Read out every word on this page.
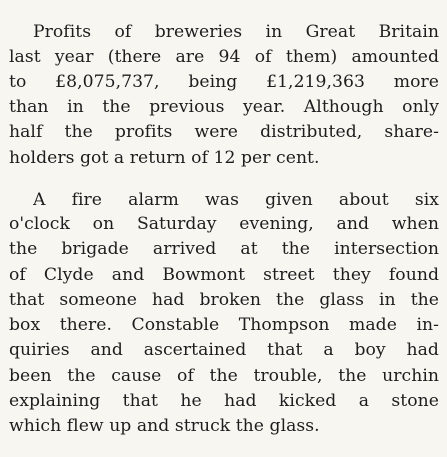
Profits of breweries in Great Britain
last year (there are 94 of them) amounted
to £8,075,737, being £1,219,363 more
than in the previous year. Although only
half the profits were distributed, share-
holders got a return of 12 per cent.
A fire alarm was given about six
o'clock on Saturday evening, and when
the brigade arrived at the intersection
of Clyde and Bowmont street they found
that someone had broken the glass in the
box there. Constable Thompson made in-
quiries and ascertained that a boy had
been the cause of the trouble, the urchin
explaining that he had kicked a stone
which flew up and struck the glass.
